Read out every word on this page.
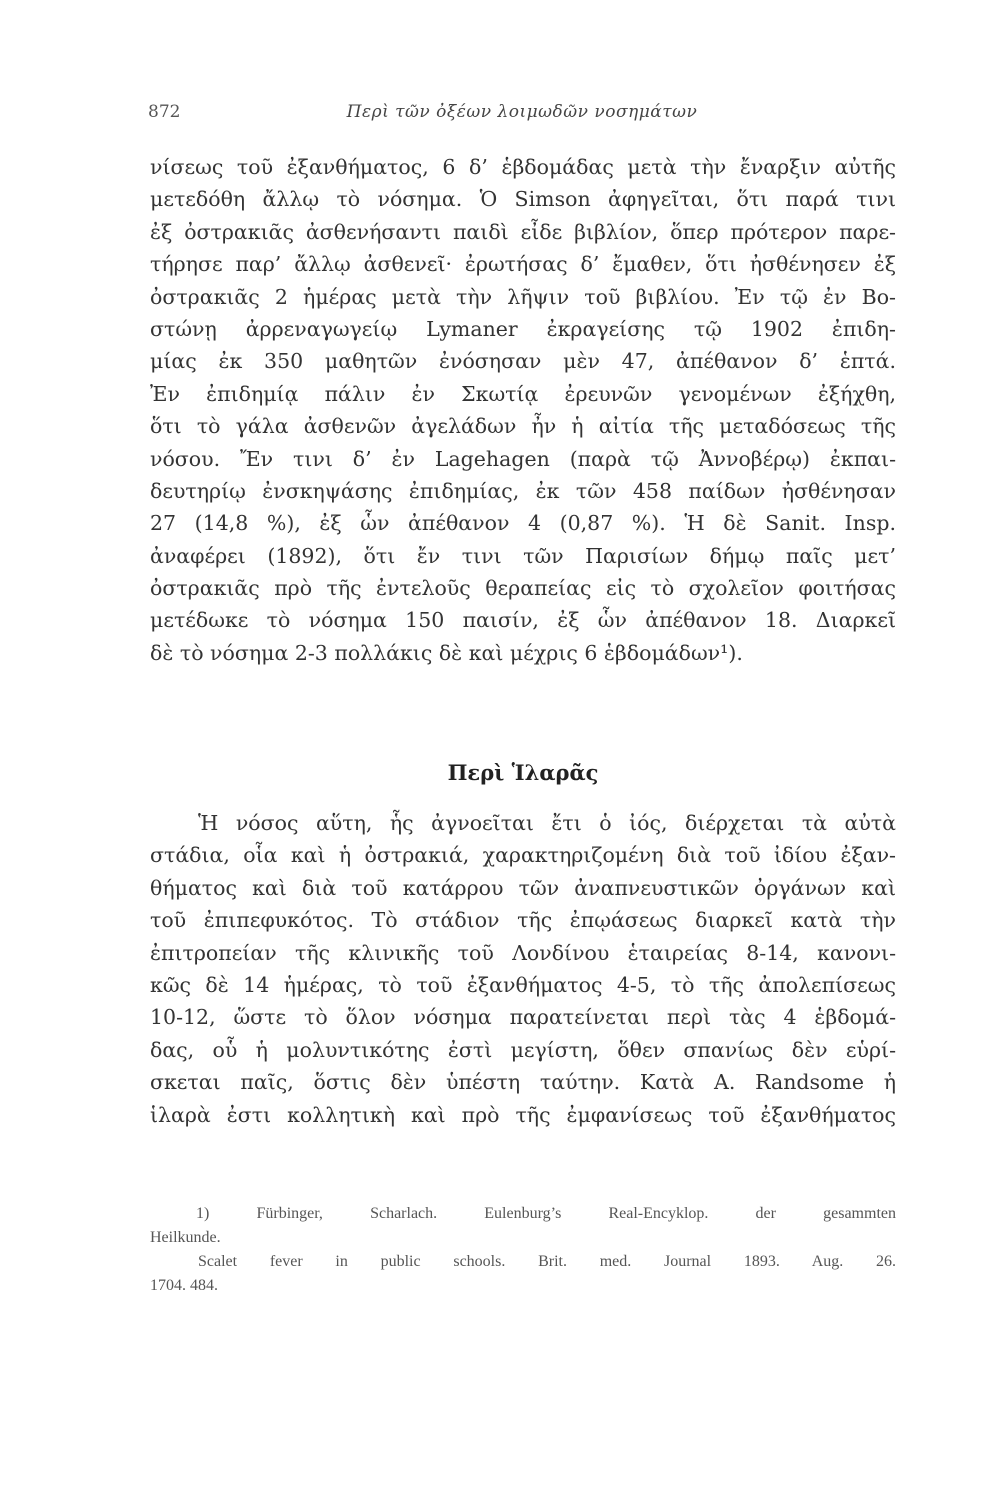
872	Περὶ τῶν ὀξέων λοιμωδῶν νοσημάτων
νίσεως τοῦ ἐξανθήματος, 6 δ’ ἑβδομάδας μετὰ τὴν ἔναρξιν αὐτῆς
μετεδόθη ἄλλῳ τὸ νόσημα. Ὁ Simson ἀφηγεῖται, ὅτι παρά τινι
ἐξ ὀστρακιᾶς ἀσθενήσαντι παιδὶ εἶδε βιβλίον, ὅπερ πρότερον παρε-
τήρησε παρ’ ἄλλῳ ἀσθενεῖ· ἐρωτήσας δ’ ἔμαθεν, ὅτι ἠσθένησεν ἐξ
ὀστρακιᾶς 2 ἡμέρας μετὰ τὴν λῆψιν τοῦ βιβλίου. Ἐν τῷ ἐν Βο-
στώνῃ ἀρρεναγωγείῳ Lymaner ἐκραγείσης τῷ 1902 ἐπιδη-
μίας ἐκ 350 μαθητῶν ἐνόσησαν μὲν 47, ἀπέθανον δ’ ἑπτά.
Ἐν ἐπιδημίᾳ πάλιν ἐν Σκωτίᾳ ἐρευνῶν γενομένων ἐξήχθη,
ὅτι τὸ γάλα ἀσθενῶν ἀγελάδων ἦν ἡ αἰτία τῆς μεταδόσεως τῆς
νόσου. Ἔν τινι δ’ ἐν Lagehagen (παρὰ τῷ Ἀννοβέρῳ) ἐκπαι-
δευτηρίῳ ἐνσκηψάσης ἐπιδημίας, ἐκ τῶν 458 παίδων ἠσθένησαν
27 (14,8 %), ἐξ ὧν ἀπέθανον 4 (0,87 %). Ἡ δὲ Sanit. Insp.
ἀναφέρει (1892), ὅτι ἔν τινι τῶν Παρισίων δήμῳ παῖς μετ’
ὀστρακιᾶς πρὸ τῆς ἐντελοῦς θεραπείας εἰς τὸ σχολεῖον φοιτήσας
μετέδωκε τὸ νόσημα 150 παισίν, ἐξ ὧν ἀπέθανον 18. Διαρκεῖ
δὲ τὸ νόσημα 2-3 πολλάκις δὲ καὶ μέχρις 6 ἑβδομάδων¹).
Περὶ Ἱλαρᾶς
Ἡ νόσος αὕτη, ἧς ἀγνοεῖται ἔτι ὁ ἰός, διέρχεται τὰ αὐτὰ
στάδια, οἷα καὶ ἡ ὀστρακιά, χαρακτηριζομένη διὰ τοῦ ἰδίου ἐξαν-
θήματος καὶ διὰ τοῦ κατάρρου τῶν ἀναπνευστικῶν ὀργάνων καὶ
τοῦ ἐπιπεφυκότος. Τὸ στάδιον τῆς ἐπῳάσεως διαρκεῖ κατὰ τὴν
ἐπιτροπείαν τῆς κλινικῆς τοῦ Λονδίνου ἑταιρείας 8-14, κανονι-
κῶς δὲ 14 ἡμέρας, τὸ τοῦ ἐξανθήματος 4-5, τὸ τῆς ἀπολεπίσεως
10-12, ὥστε τὸ ὅλον νόσημα παρατείνεται περὶ τὰς 4 ἑβδομά-
δας, οὗ ἡ μολυντικότης ἐστὶ μεγίστη, ὅθεν σπανίως δὲν εὑρί-
σκεται παῖς, ὅστις δὲν ὑπέστη ταύτην. Κατὰ A. Randsome ἡ
ἱλαρὰ ἐστι κολλητικὴ καὶ πρὸ τῆς ἐμφανίσεως τοῦ ἐξανθήματος
1) Fürbinger, Scharlach. Eulenburg’s Real-Encyklop. der gesammten
Heilkunde.
Scalet fever in public schools. Brit. med. Journal 1893. Aug. 26.
1704. 484.
